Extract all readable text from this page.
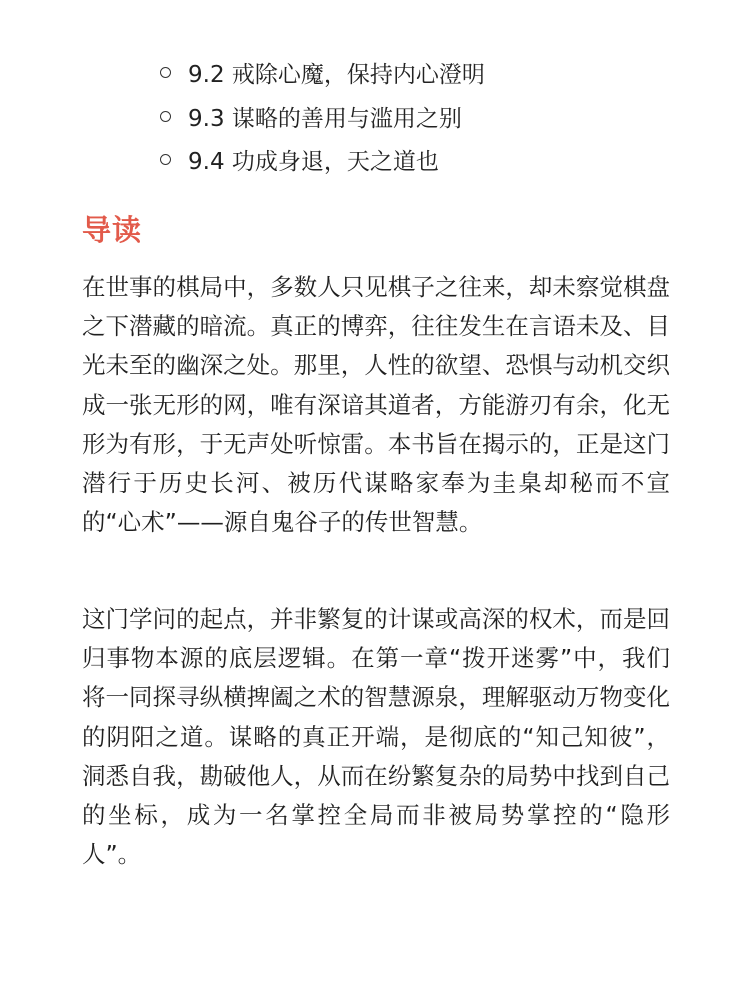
9.2 戒除心魔，保持内心澄明
9.3 谋略的善用与滥用之别
9.4 功成身退，天之道也
导读

在世事的棋局中，多数人只见棋子之往来，却未察觉棋盘之下潜藏的暗流。真正的博弈，往往发生在言语未及、目光未至的幽深之处。那里，人性的欲望、恐惧与动机交织成一张无形的网，唯有深谙其道者，方能游刃有余，化无形为有形，于无声处听惊雷。本书旨在揭示的，正是这门潜行于历史长河、被历代谋略家奉为圭臬却秘而不宣的“心术”——源自鬼谷子的传世智慧。

这门学问的起点，并非繁复的计谋或高深的权术，而是回归事物本源的底层逻辑。在第一章“拨开迷雾”中，我们将一同探寻纵横捭阖之术的智慧源泉，理解驱动万物变化的阴阳之道。谋略的真正开端，是彻底的“知己知彼”，洞悉自我，勘破他人，从而在纷繁复杂的局势中找到自己的坐标，成为一名掌控全局而非被局势掌控的“隐形人”。
